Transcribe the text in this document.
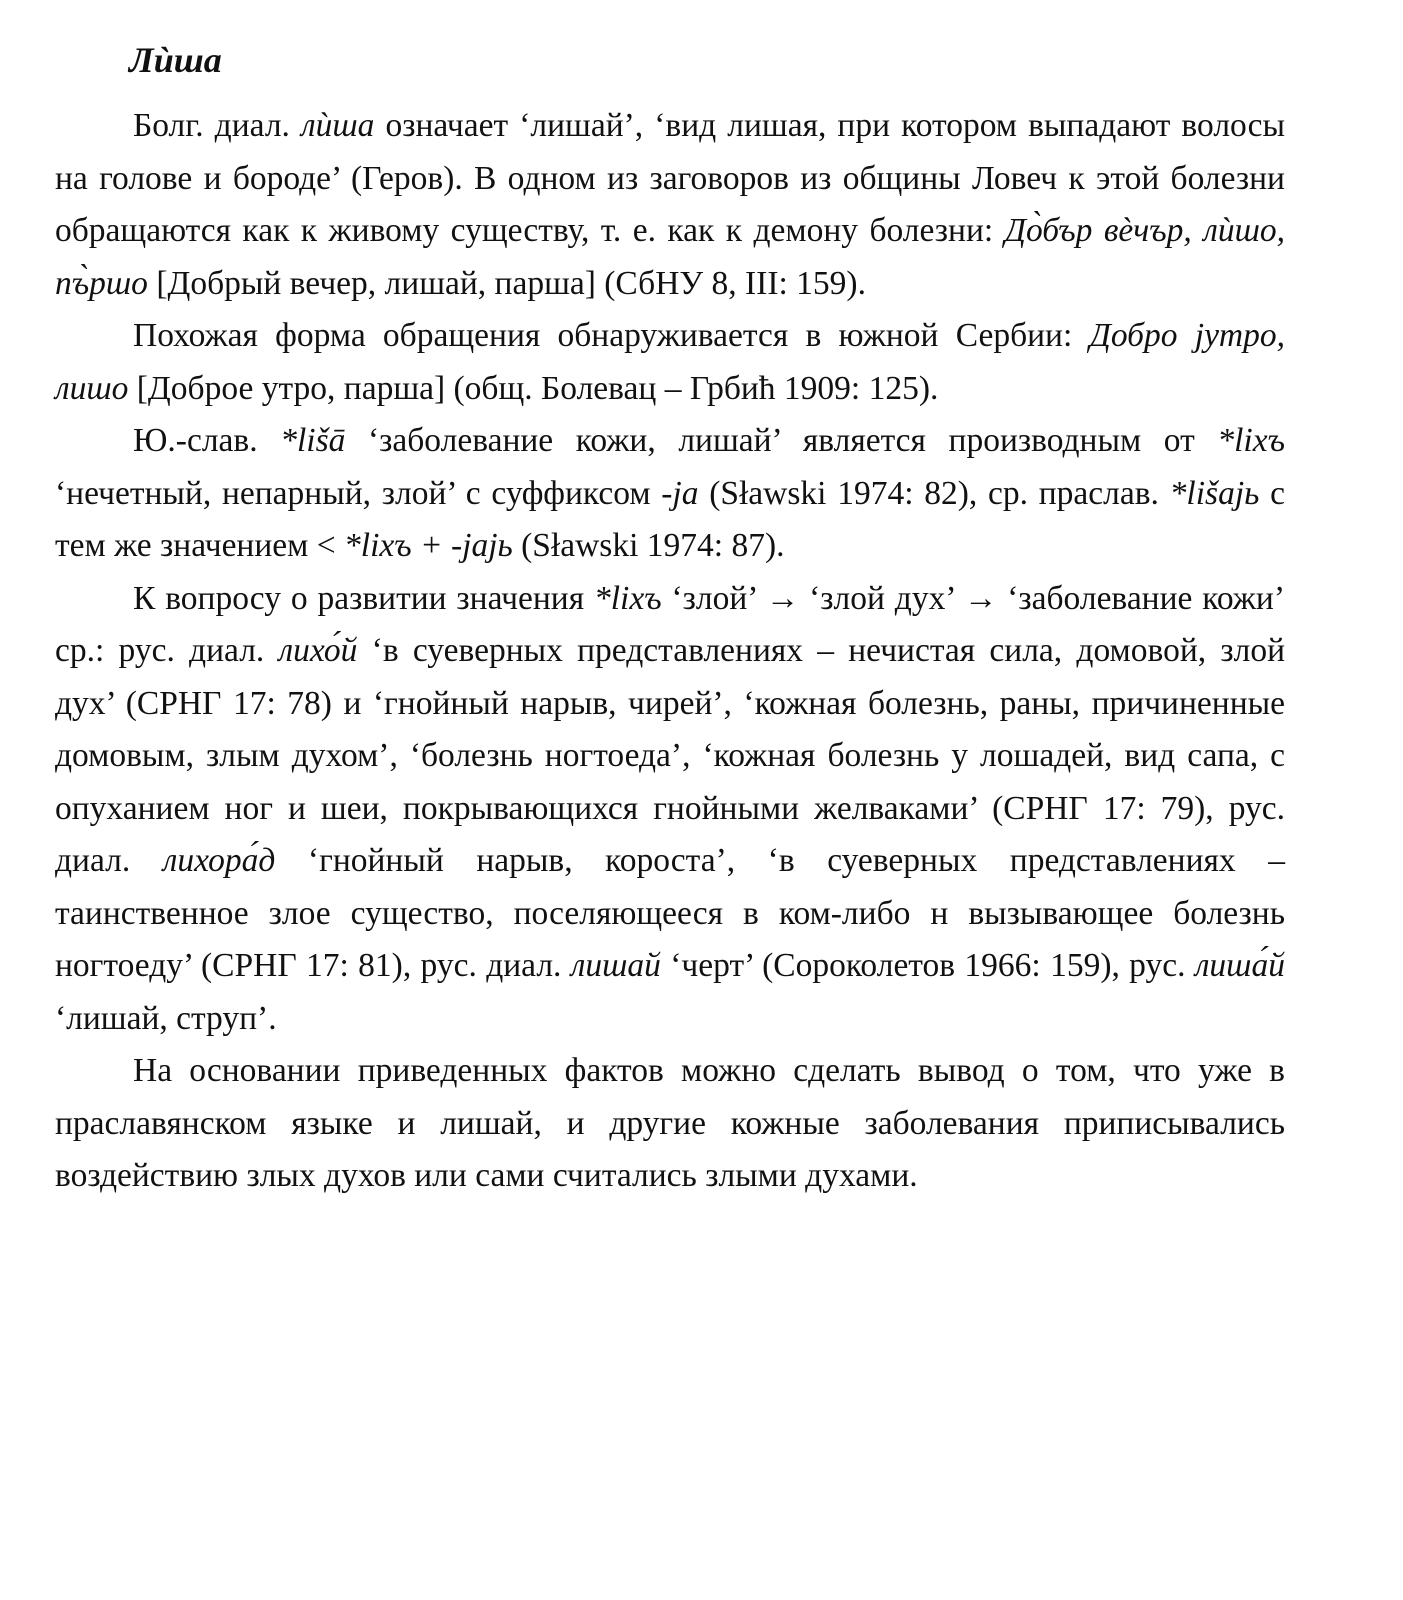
Лѝша

Болг. диал. лѝша означает ‘лишай’, ‘вид лишая, при котором выпадают волосы на голове и бороде’ (Геров). В одном из заговоров из общины Ловеч к этой болезни обращаются как к живому существу, т. е. как к демону болезни: До̀бър вѐчър, лѝшо, пъ̀ршо [Добрый вечер, лишай, парша] (СбНУ 8, III: 159).

Похожая форма обращения обнаруживается в южной Сербии: Добро јутро, лишо [Доброе утро, парша] (общ. Болевац – Грбић 1909: 125).

Ю.-слав. *lišā ‘заболевание кожи, лишай’ является производным от *lixъ ‘нечетный, непарный, злой’ с суффиксом -ja (Sławski 1974: 82), ср. праслав. *lišajь с тем же значением < *lixъ + -jajь (Sławski 1974: 87).

К вопросу о развитии значения *lixъ ‘злой’ → ‘злой дух’ → ‘заболевание кожи’ ср.: рус. диал. лихо́й ‘в суеверных представлениях – нечистая сила, домовой, злой дух’ (СРНГ 17: 78) и ‘гнойный нарыв, чирей’, ‘кожная болезнь, раны, причиненные домовым, злым духом’, ‘болезнь ногтоеда’, ‘кожная болезнь у лошадей, вид сапа, с опуханием ног и шеи, покрывающихся гнойными желваками’ (СРНГ 17: 79), рус. диал. лихора́д ‘гнойный нарыв, короста’, ‘в суеверных представлениях – таинственное злое существо, поселяющееся в ком-либо н вызывающее болезнь ногтоеду’ (СРНГ 17: 81), рус. диал. лишай ‘черт’ (Сороколетов 1966: 159), рус. лиша́й ‘лишай, струп’.

На основании приведенных фактов можно сделать вывод о том, что уже в праславянском языке и лишай, и другие кожные заболевания приписывались воздействию злых духов или сами считались злыми духами.
